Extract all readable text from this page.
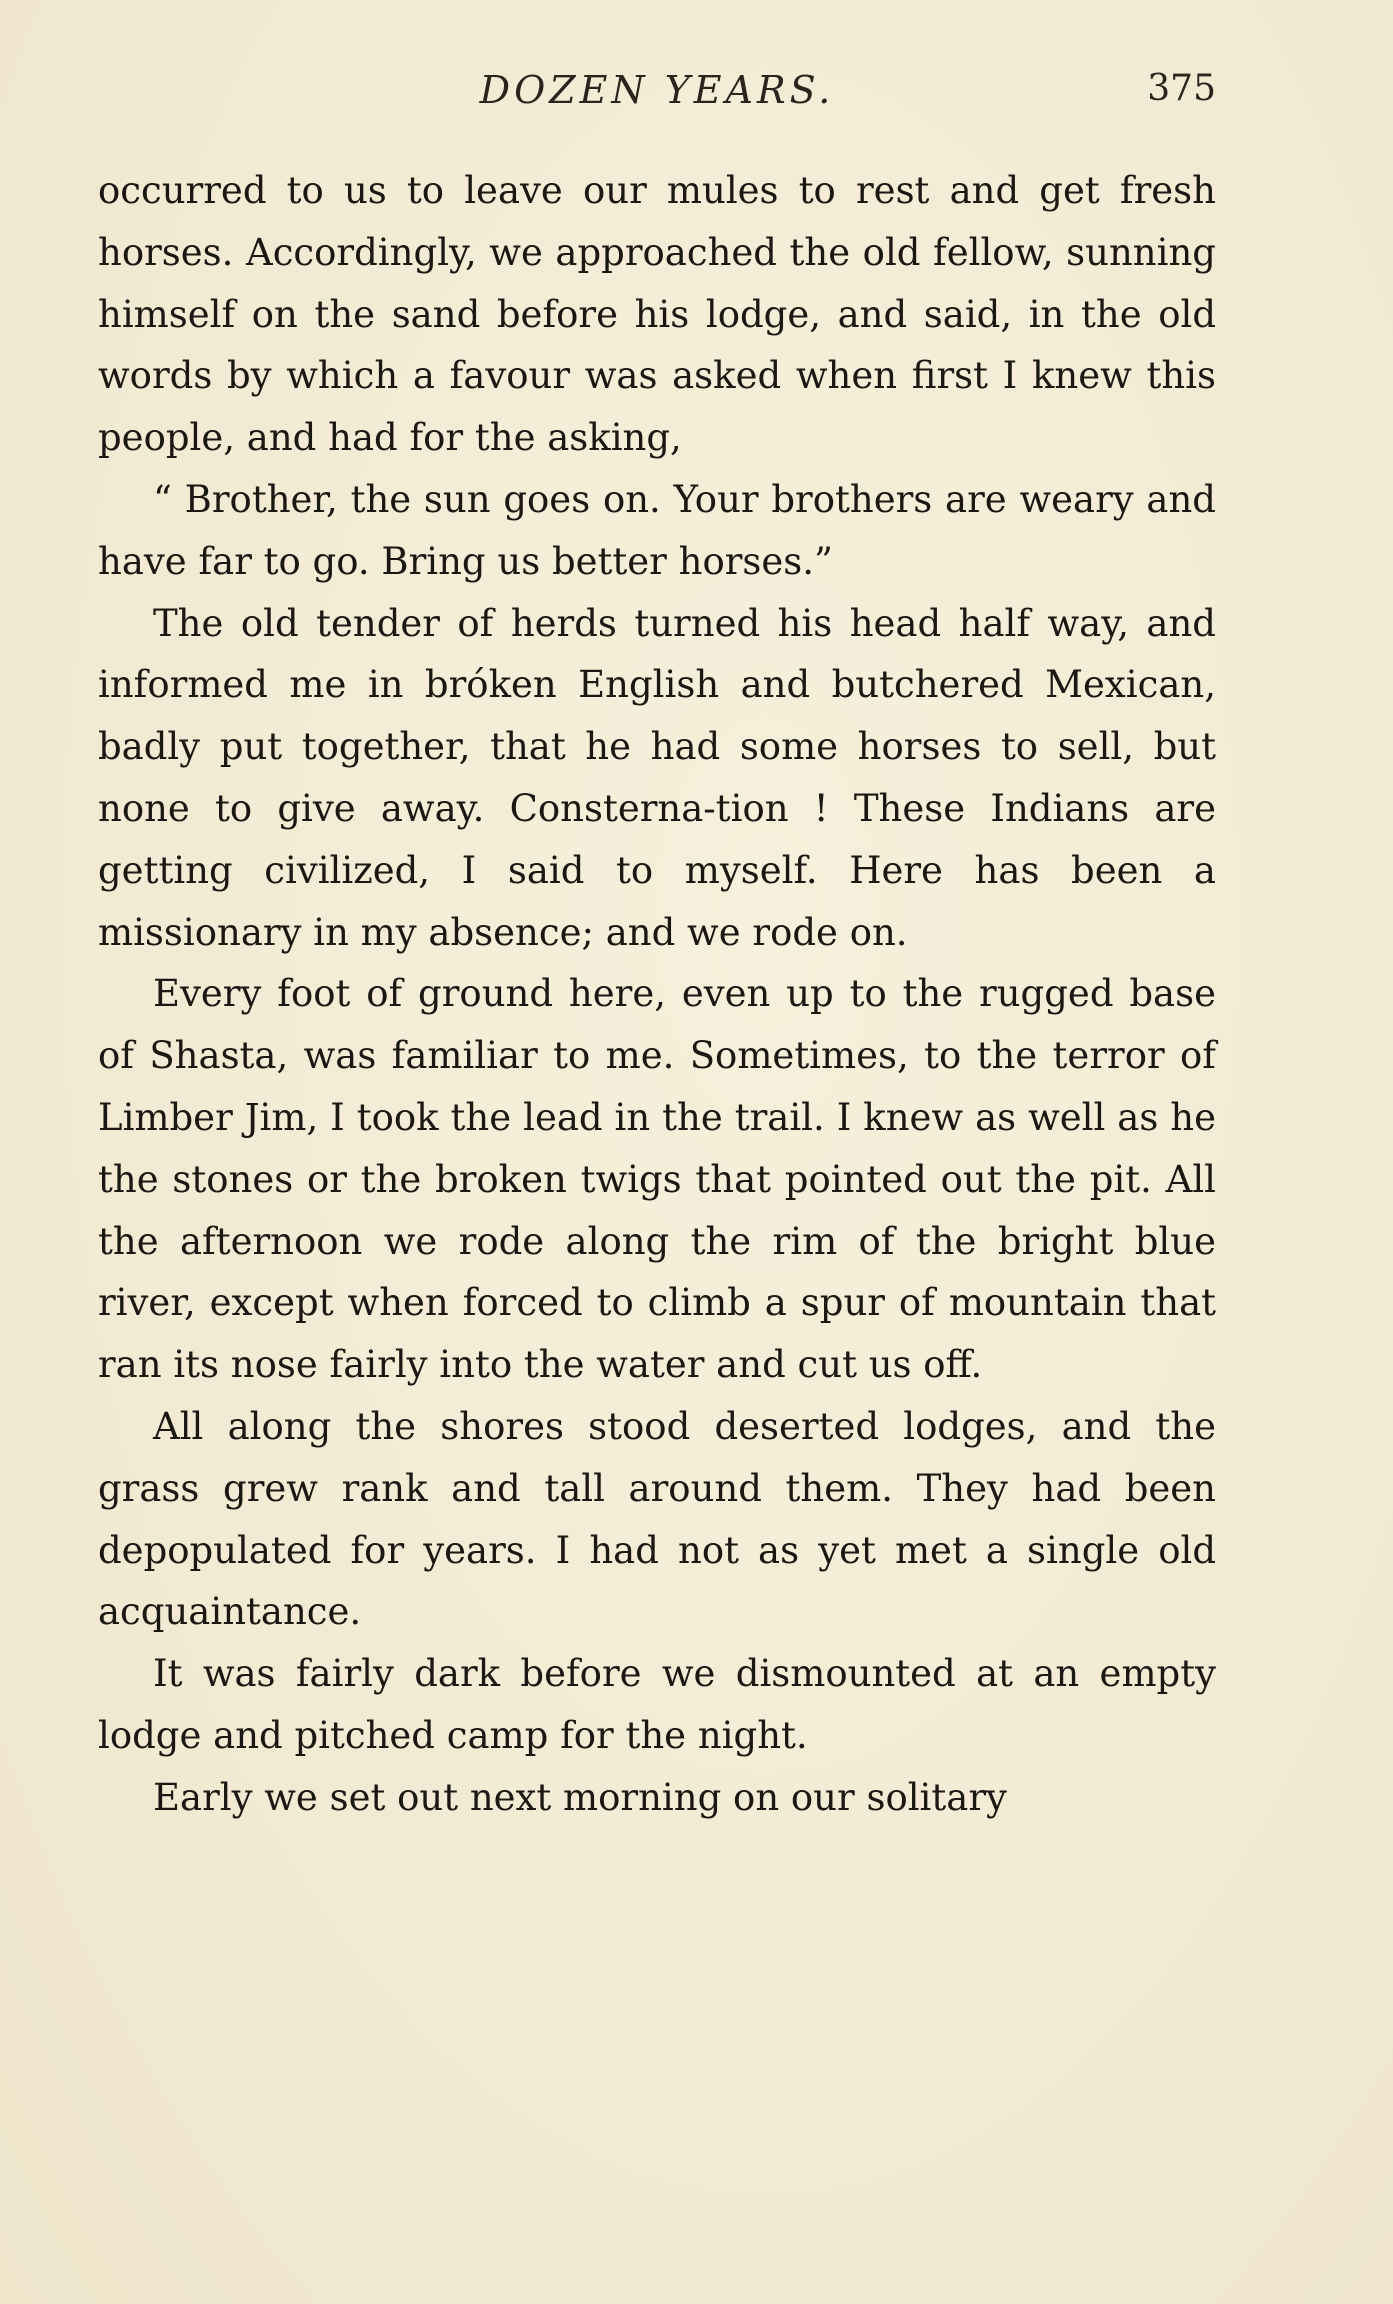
DOZEN YEARS.	375

occurred to us to leave our mules to rest and get fresh horses. Accordingly, we approached the old fellow, sunning himself on the sand before his lodge, and said, in the old words by which a favour was asked when first I knew this people, and had for the asking,

“ Brother, the sun goes on. Your brothers are weary and have far to go. Bring us better horses.”

The old tender of herds turned his head half way, and informed me in bróken English and butchered Mexican, badly put together, that he had some horses to sell, but none to give away. Consterna-tion ! These Indians are getting civilized, I said to myself. Here has been a missionary in my absence; and we rode on.

Every foot of ground here, even up to the rugged base of Shasta, was familiar to me. Sometimes, to the terror of Limber Jim, I took the lead in the trail. I knew as well as he the stones or the broken twigs that pointed out the pit. All the afternoon we rode along the rim of the bright blue river, except when forced to climb a spur of mountain that ran its nose fairly into the water and cut us off.

All along the shores stood deserted lodges, and the grass grew rank and tall around them. They had been depopulated for years. I had not as yet met a single old acquaintance.

It was fairly dark before we dismounted at an empty lodge and pitched camp for the night.

Early we set out next morning on our solitary
